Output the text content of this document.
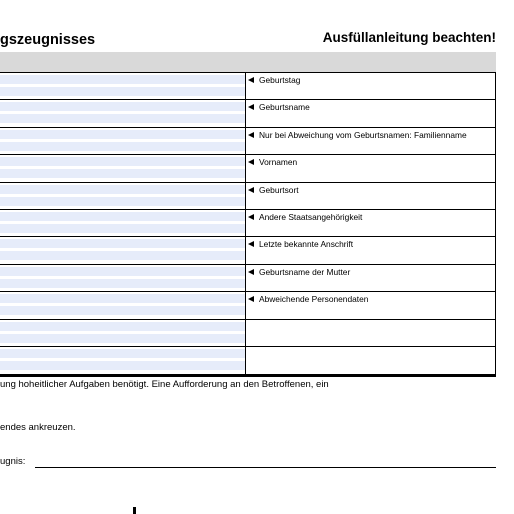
gszeugnisses	Ausfüllanleitung beachten!
Geburtstag
Geburtsname
Nur bei Abweichung vom Geburtsnamen: Familienname
Vornamen
Geburtsort
Andere Staatsangehörigkeit
Letzte bekannte Anschrift
Geburtsname der Mutter
Abweichende Personendaten
ung hoheitlicher Aufgaben benötigt. Eine Aufforderung an den Betroffenen, ein
endes ankreuzen.
ugnis:
